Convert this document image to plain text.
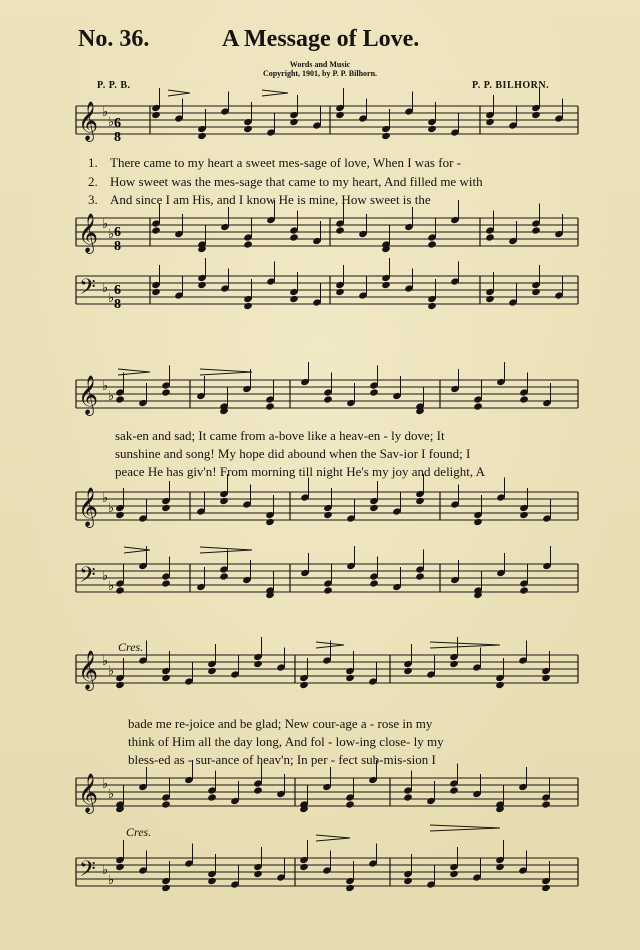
No. 36.	A Message of Love.
Words and Music
Copyright, 1901, by P. P. Bilhorn.
P. P. B.	P. P. BILHORN.
6
8
6
8
6
8
𝄞 ♭
♭
𝄞 ♭
♭
𝄢 ♭
♭
𝄞 ♭
♭
𝄞 ♭
♭
𝄢 ♭
♭
𝄞 ♭
♭
𝄞 ♭
♭
𝄢 ♭
♭
1. There came to my heart a sweet mes-sage of love, When I was for -
2. How sweet was the mes-sage that came to my heart, And filled me with
3. And since I am His, and I know He is mine, How sweet is the
sak-en and sad; It came from a-bove like a heav-en - ly dove; It
sunshine and song! My hope did abound when the Sav-ior I found; I
peace He has giv'n! From morning till night He's my joy and delight, A
Cres.
bade me re-joice and be glad; New cour-age a - rose in my
think of Him all the day long, And fol - low-ing close- ly my
bless-ed as - sur-ance of heav'n; In per - fect sub-mis-sion I
Cres.
